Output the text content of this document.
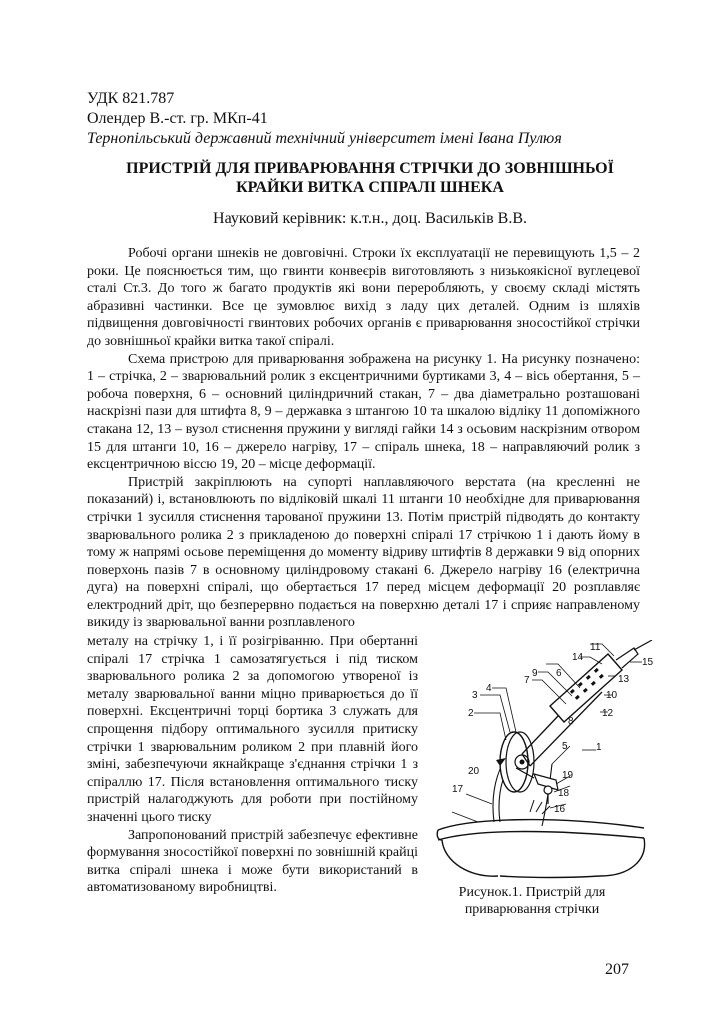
УДК 821.787
Олендер В.-ст. гр. МКп-41
Тернопільський державний технічний університет імені Івана Пулюя
ПРИСТРІЙ ДЛЯ ПРИВАРЮВАННЯ СТРІЧКИ ДО ЗОВНІШНЬОЇ
КРАЙКИ ВИТКА СПІРАЛІ ШНЕКА
Науковий керівник: к.т.н., доц. Васильків В.В.

Робочі органи шнеків не довговічні. Строки їх експлуатації не перевищують 1,5 – 2 роки. Це пояснюється тим, що гвинти конвеєрів виготовляють з низькоякісної вуглецевої сталі Ст.3. До того ж багато продуктів які вони переробляють, у своєму складі містять абразивні частинки. Все це зумовлює вихід з ладу цих деталей. Одним із шляхів підвищення довговічності гвинтових робочих органів є приварювання зносостійкої стрічки до зовнішньої крайки витка такої спіралі.

Схема пристрою для приварювання зображена на рисунку 1. На рисунку позначено: 1 – стрічка, 2 – зварювальний ролик з ексцентричними буртиками 3, 4 – вісь обертання, 5 – робоча поверхня, 6 – основний циліндричний стакан, 7 – два діаметрально розташовані наскрізні пази для штифта 8, 9 – державка з штангою 10 та шкалою відліку 11 допоміжного стакана 12, 13 – вузол стиснення пружини у вигляді гайки 14 з осьовим наскрізним отвором 15 для штанги 10, 16 – джерело нагріву, 17 – спіраль шнека, 18 – направляючий ролик з ексцентричною віссю 19, 20 – місце деформації.

Пристрій закріплюють на супорті наплавляючого верстата (на кресленні не показаний) і, встановлюють по відліковій шкалі 11 штанги 10 необхідне для приварювання стрічки 1 зусилля стиснення тарованої пружини 13. Потім пристрій підводять до контакту зварювального ролика 2 з прикладеною до поверхні спіралі 17 стрічкою 1 і дають йому в тому ж напрямі осьове переміщення до моменту відриву штифтів 8 державки 9 від опорних поверхонь пазів 7 в основному циліндровому стакані 6. Джерело нагріву 16 (електрична дуга) на поверхні спіралі, що обертається 17 перед місцем деформації 20 розплавляє електродний дріт, що безперервно подається на поверхню деталі 17 і сприяє направленому викиду із зварювальної ванни розплавленого

металу на стрічку 1, і її розігріванню. При обертанні спіралі 17 стрічка 1 самозатягується і під тиском зварювального ролика 2 за допомогою утвореної із металу зварювальної ванни міцно приварюється до її поверхні. Ексцентричні торці бортика 3 служать для спрощення підбору оптимального зусилля притиску стрічки 1 зварювальним роликом 2 при плавній його зміні, забезпечуючи якнайкраще з'єднання стрічки 1 з спіраллю 17. Після встановлення оптимального тиску пристрій налагоджують для роботи при постійному значенні цього тиску

Запропонований пристрій забезпечує ефективне формування зносостійкої поверхні по зовнішній крайці витка спіралі шнека і може бути використаний в автоматизованому виробництві.

1
2
3
4
5
6
7
8
9
10
11
12
13
14	15
16
17	18
19
20
Рисунок.1. Пристрій для
приварювання стрічки
207
